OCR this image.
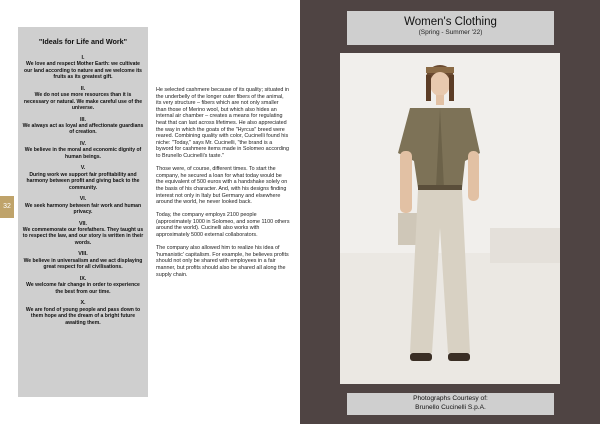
"Ideals for Life and Work"
I.
We love and respect Mother Earth: we cultivate our land according to nature and we welcome its fruits as its greatest gift.
II.
We do not use more resources than it is necessary or natural. We make careful use of the universe.
III.
We always act as loyal and affectionate guardians of creation.
IV.
We believe in the moral and economic dignity of human beings.
V.
During work we support fair profitability and harmony between profit and giving back to the community.
VI.
We seek harmony between fair work and human privacy.
VII.
We commemorate our forefathers. They taught us to respect the law, and our story is written in their words.
VIII.
We believe in universalism and we act displaying great respect for all civilisations.
IX.
We welcome fair change in order to experience the best from our time.
X.
We are fond of young people and pass down to them hope and the dream of a bright future awaiting them.
32

He selected cashmere because of its quality; situated in the underbelly of the longer outer fibers of the animal, its very structure – fibers which are not only smaller than those of Merino wool, but which also hides an internal air chamber – creates a means for regulating heat that can last across lifetimes. He also appreciated the way in which the goats of the "Hyrcus" breed were reared. Combining quality with color, Cucinelli found his niche: "Today," says Mr. Cucinelli, "the brand is a byword for cashmere items made in Solomeo according to Brunello Cucinelli's taste."

Those were, of course, different times. To start the company, he secured a loan for what today would be the equivalent of 500 euros with a handshake solely on the basis of his character. And, with his designs finding interest not only in Italy but Germany and elsewhere around the world, he never looked back.

Today, the company employs 2100 people (approximately 1000 in Solomeo, and some 1100 others around the world). Cucinelli also works with approximately 5000 external collaborators.

The company also allowed him to realize his idea of 'humanistic' capitalism. For example, he believes profits should not only be shared with employees in a fair manner, but profits should also be shared all along the supply chain.

Women's Clothing
(Spring - Summer '22)
Photographs Courtesy of:
Brunello Cucinelli S.p.A.
